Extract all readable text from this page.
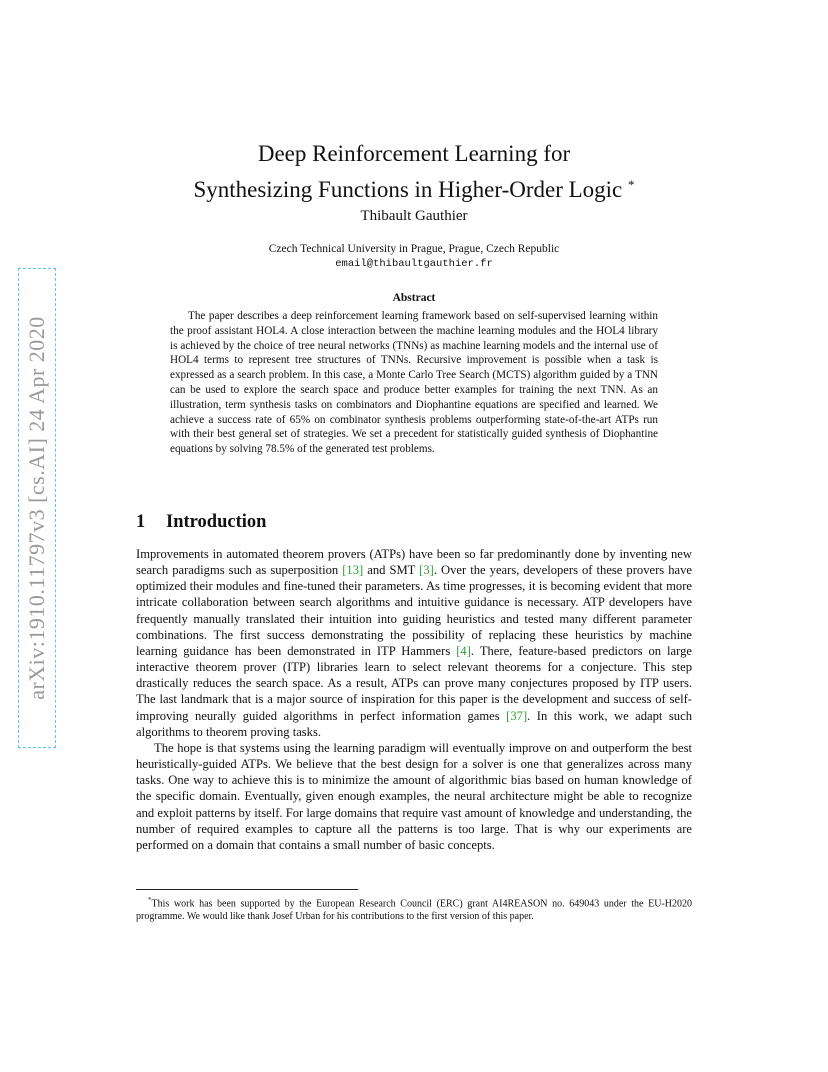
arXiv:1910.11797v3 [cs.AI] 24 Apr 2020
Deep Reinforcement Learning for
Synthesizing Functions in Higher-Order Logic *
Thibault Gauthier
Czech Technical University in Prague, Prague, Czech Republic
email@thibaultgauthier.fr
Abstract

The paper describes a deep reinforcement learning framework based on self-supervised learning within the proof assistant HOL4. A close interaction between the machine learning modules and the HOL4 library is achieved by the choice of tree neural networks (TNNs) as machine learning models and the internal use of HOL4 terms to represent tree structures of TNNs. Recursive improvement is possible when a task is expressed as a search problem. In this case, a Monte Carlo Tree Search (MCTS) algorithm guided by a TNN can be used to explore the search space and produce better examples for training the next TNN. As an illustration, term synthesis tasks on combinators and Diophantine equations are specified and learned. We achieve a success rate of 65% on combinator synthesis problems outperforming state-of-the-art ATPs run with their best general set of strategies. We set a precedent for statistically guided synthesis of Diophantine equations by solving 78.5% of the generated test problems.

1 Introduction

Improvements in automated theorem provers (ATPs) have been so far predominantly done by inventing new search paradigms such as superposition [13] and SMT [3]. Over the years, developers of these provers have optimized their modules and fine-tuned their parameters. As time progresses, it is becoming evident that more intricate collaboration between search algorithms and intuitive guidance is necessary. ATP developers have frequently manually translated their intuition into guiding heuristics and tested many different parameter combinations. The first success demonstrating the possibility of replacing these heuristics by machine learning guidance has been demonstrated in ITP Hammers [4]. There, feature-based predictors on large interactive theorem prover (ITP) libraries learn to select relevant theorems for a conjecture. This step drastically reduces the search space. As a result, ATPs can prove many conjectures proposed by ITP users. The last landmark that is a major source of inspiration for this paper is the development and success of self-improving neurally guided algorithms in perfect information games [37]. In this work, we adapt such algorithms to theorem proving tasks.

The hope is that systems using the learning paradigm will eventually improve on and outperform the best heuristically-guided ATPs. We believe that the best design for a solver is one that generalizes across many tasks. One way to achieve this is to minimize the amount of algorithmic bias based on human knowledge of the specific domain. Eventually, given enough examples, the neural architecture might be able to recognize and exploit patterns by itself. For large domains that require vast amount of knowledge and understanding, the number of required examples to capture all the patterns is too large. That is why our experiments are performed on a domain that contains a small number of basic concepts.

*This work has been supported by the European Research Council (ERC) grant AI4REASON no. 649043 under the EU-H2020 programme. We would like thank Josef Urban for his contributions to the first version of this paper.
